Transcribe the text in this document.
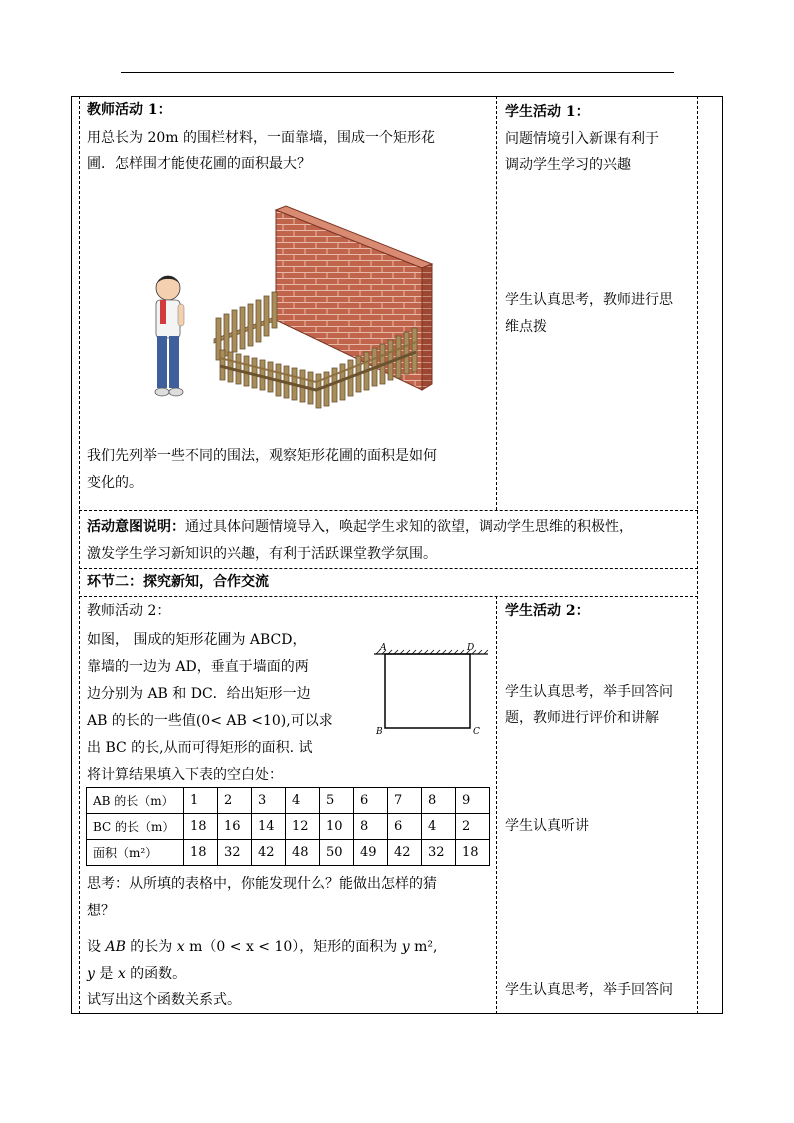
教师活动 1：
用总长为 20m 的围栏材料，一面靠墙，围成一个矩形花
圃．怎样围才能使花圃的面积最大？
我们先列举一些不同的围法，观察矩形花圃的面积是如何
变化的。
学生活动 1：
问题情境引入新课有利于
调动学生学习的兴趣
学生认真思考，教师进行思
维点拨
活动意图说明：通过具体问题情境导入，唤起学生求知的欲望，调动学生思维的积极性，
激发学生学习新知识的兴趣，有利于活跃课堂教学氛围。
环节二：探究新知，合作交流
教师活动 2：
如图， 围成的矩形花圃为 ABCD，
靠墙的一边为 AD，垂直于墙面的两
边分别为 AB 和 DC．给出矩形一边
AB 的长的一些值(0< AB <10),可以求
出 BC 的长,从而可得矩形的面积. 试
将计算结果填入下表的空白处：
A	D
B	C
AB 的长（m）	1	2	3	4	5	6	7	8	9
BC 的长（m）	18	16	14	12	10	8	6	4	2
面积（m²）	18	32	42	48	50	49	42	32	18
思考：从所填的表格中，你能发现什么？能做出怎样的猜
想？
设 AB 的长为 x m（0 < x < 10），矩形的面积为 y m²,
y 是 x 的函数。
试写出这个函数关系式。
学生活动 2：
学生认真思考，举手回答问
题，教师进行评价和讲解
学生认真听讲
学生认真思考，举手回答问
